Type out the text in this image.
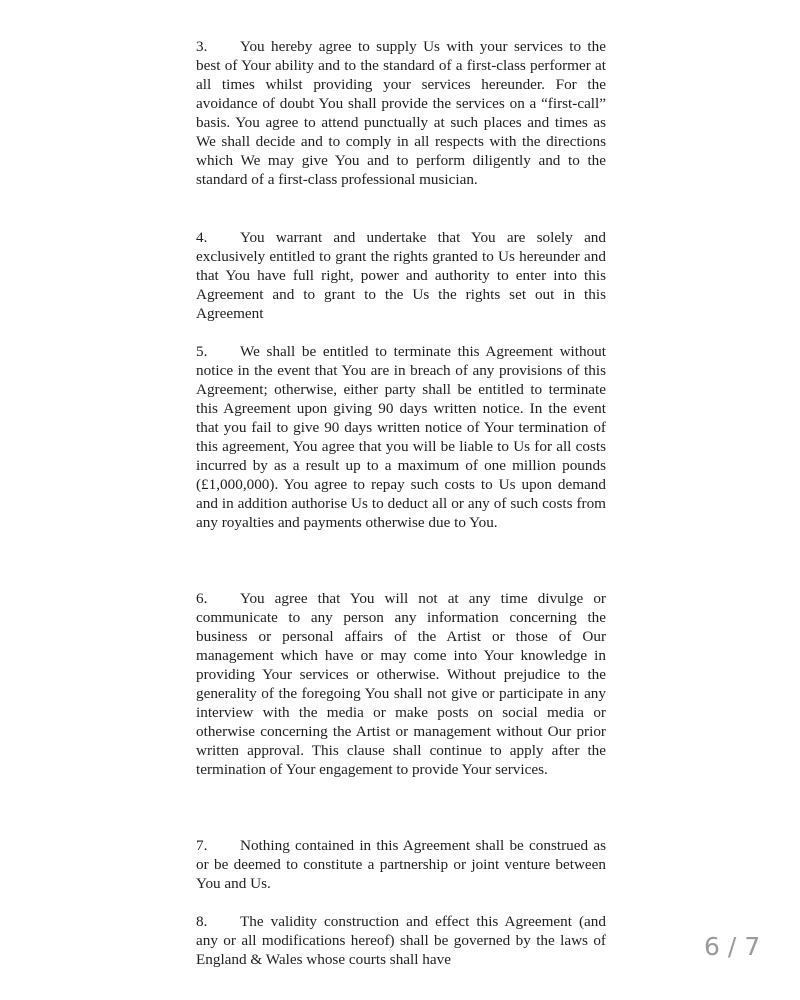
3.	You hereby agree to supply Us with your services to the best of Your ability and to the standard of a first-class performer at all times whilst providing your services hereunder. For the avoidance of doubt You shall provide the services on a “first-call” basis. You agree to attend punctually at such places and times as We shall decide and to comply in all respects with the directions which We may give You and to perform diligently and to the standard of a first-class professional musician.

4.	You warrant and undertake that You are solely and exclusively entitled to grant the rights granted to Us hereunder and that You have full right, power and authority to enter into this Agreement and to grant to the Us the rights set out in this Agreement

5.	We shall be entitled to terminate this Agreement without notice in the event that You are in breach of any provisions of this Agreement; otherwise, either party shall be entitled to terminate this Agreement upon giving 90 days written notice. In the event that you fail to give 90 days written notice of Your termination of this agreement, You agree that you will be liable to Us for all costs incurred by as a result up to a maximum of one million pounds (£1,000,000). You agree to repay such costs to Us upon demand and in addition authorise Us to deduct all or any of such costs from any royalties and payments otherwise due to You.

6.	You agree that You will not at any time divulge or communicate to any person any information concerning the business or personal affairs of the Artist or those of Our management which have or may come into Your knowledge in providing Your services or otherwise. Without prejudice to the generality of the foregoing You shall not give or participate in any interview with the media or make posts on social media or otherwise concerning the Artist or management without Our prior written approval. This clause shall continue to apply after the termination of Your engagement to provide Your services.

7.	Nothing contained in this Agreement shall be construed as or be deemed to constitute a partnership or joint venture between You and Us.

8.	The validity construction and effect this Agreement (and any or all modifications hereof) shall be governed by the laws of England & Wales whose courts shall have	6 / 7
